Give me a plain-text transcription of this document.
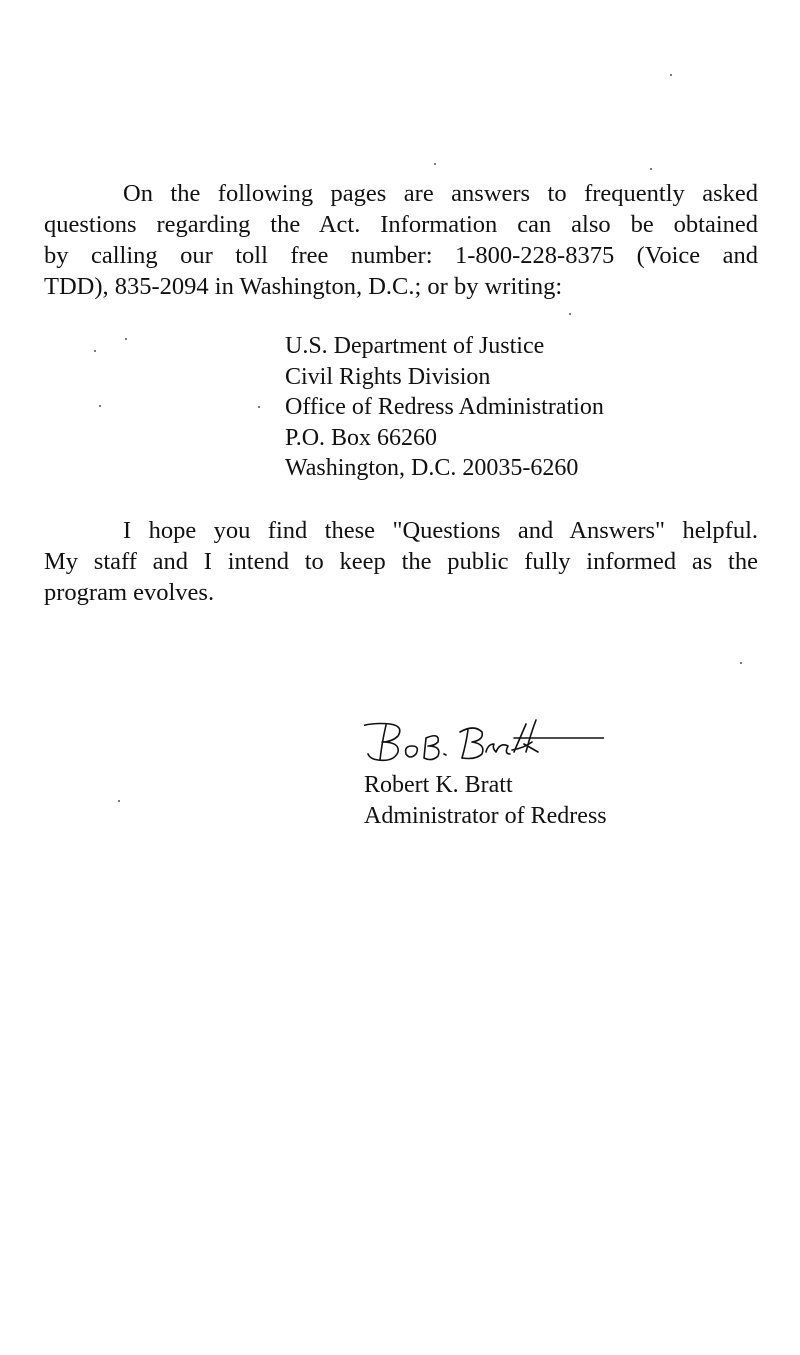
On the following pages are answers to frequently asked
questions regarding the Act. Information can also be obtained
by calling our toll free number: 1-800-228-8375 (Voice and
TDD), 835-2094 in Washington, D.C.; or by writing:

U.S. Department of Justice
Civil Rights Division
Office of Redress Administration
P.O. Box 66260
Washington, D.C. 20035-6260

I hope you find these "Questions and Answers" helpful.
My staff and I intend to keep the public fully informed as the
program evolves.

Robert K. Bratt
Administrator of Redress
